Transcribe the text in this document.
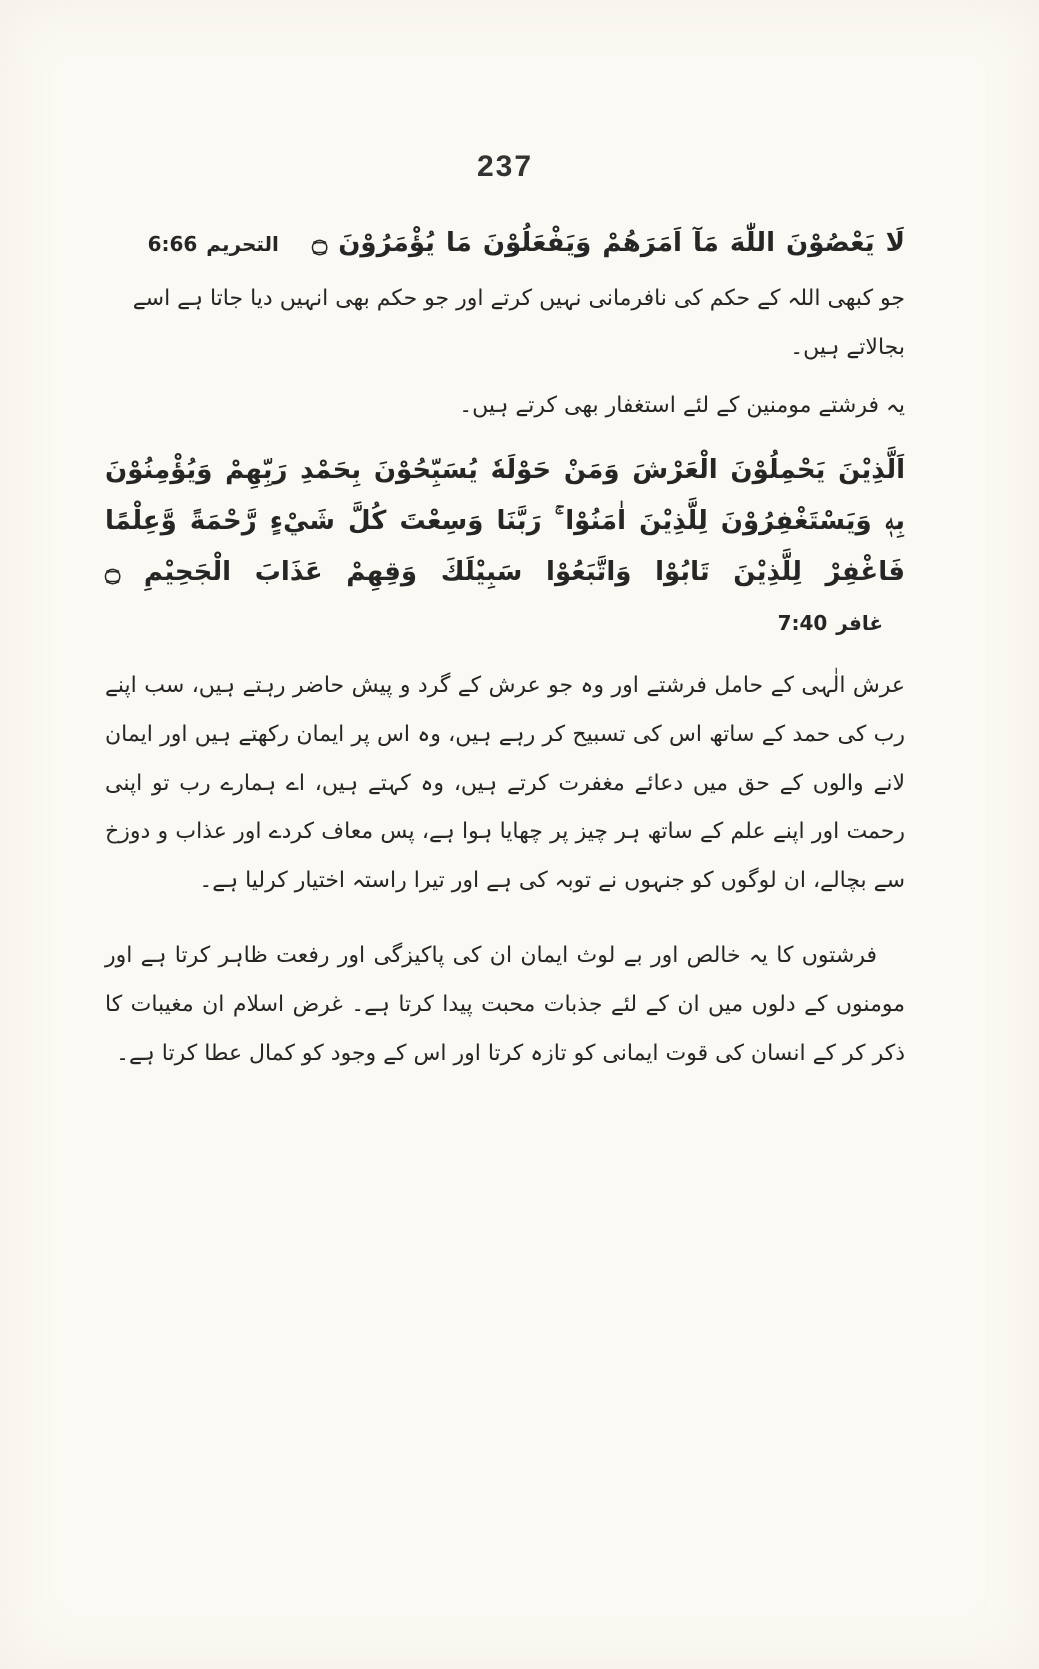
237

لَا يَعْصُوْنَ اللّٰهَ مَآ اَمَرَهُمْ وَيَفْعَلُوْنَ مَا يُؤْمَرُوْنَ ۝ التحريم 6:66

جو کبھی اللہ کے حکم کی نافرمانی نہیں کرتے اور جو حکم بھی انہیں دیا جاتا ہے اسے بجالاتے ہیں۔

یہ فرشتے مومنین کے لئے استغفار بھی کرتے ہیں۔

اَلَّذِيْنَ يَحْمِلُوْنَ الْعَرْشَ وَمَنْ حَوْلَهٗ يُسَبِّحُوْنَ بِحَمْدِ رَبِّهِمْ وَيُؤْمِنُوْنَ بِهٖ وَيَسْتَغْفِرُوْنَ لِلَّذِيْنَ اٰمَنُوْا ۚ رَبَّنَا وَسِعْتَ كُلَّ شَيْءٍ رَّحْمَةً وَّعِلْمًا فَاغْفِرْ لِلَّذِيْنَ تَابُوْا وَاتَّبَعُوْا سَبِيْلَكَ وَقِهِمْ عَذَابَ الْجَحِيْمِ ۝ غافر 7:40

عرش الٰہی کے حامل فرشتے اور وہ جو عرش کے گرد و پیش حاضر رہتے ہیں، سب اپنے رب کی حمد کے ساتھ اس کی تسبیح کر رہے ہیں، وہ اس پر ایمان رکھتے ہیں اور ایمان لانے والوں کے حق میں دعائے مغفرت کرتے ہیں، وہ کہتے ہیں، اے ہمارے رب تو اپنی رحمت اور اپنے علم کے ساتھ ہر چیز پر چھایا ہوا ہے، پس معاف کردے اور عذاب و دوزخ سے بچالے، ان لوگوں کو جنہوں نے توبہ کی ہے اور تیرا راستہ اختیار کرلیا ہے۔

فرشتوں کا یہ خالص اور بے لوث ایمان ان کی پاکیزگی اور رفعت ظاہر کرتا ہے اور مومنوں کے دلوں میں ان کے لئے جذبات محبت پیدا کرتا ہے۔ غرض اسلام ان مغیبات کا ذکر کر کے انسان کی قوت ایمانی کو تازہ کرتا اور اس کے وجود کو کمال عطا کرتا ہے۔
